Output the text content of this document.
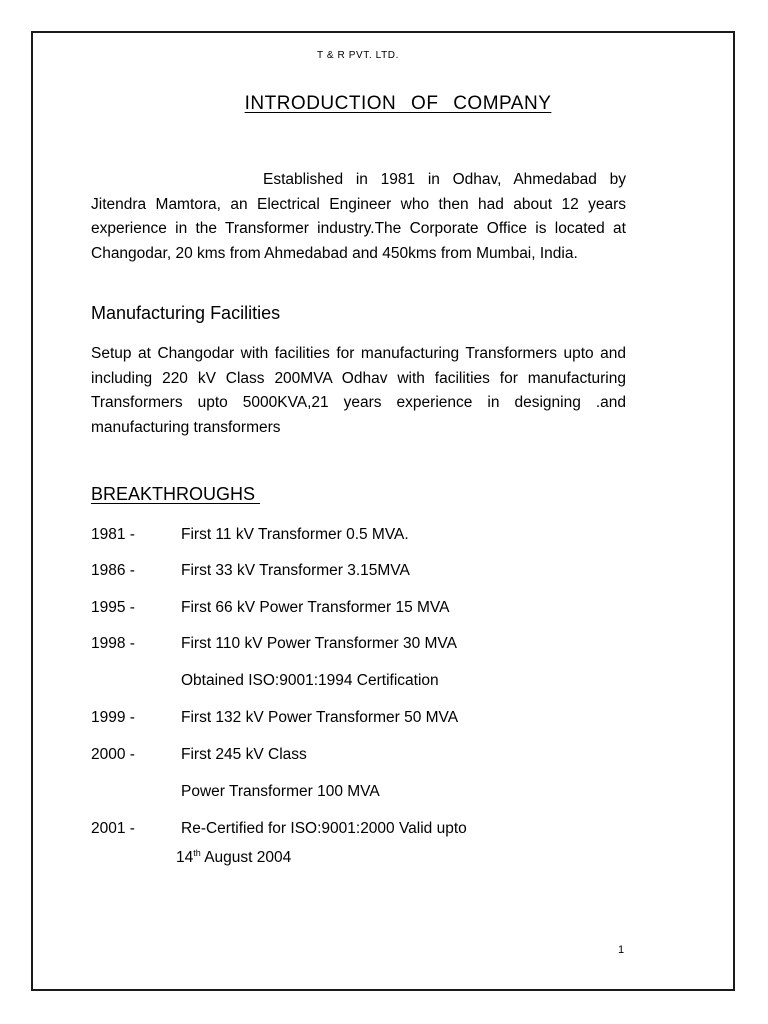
T & R PVT. LTD.
INTRODUCTION OF COMPANY
Established in 1981 in Odhav, Ahmedabad by Jitendra Mamtora, an Electrical Engineer who then had about 12 years experience in the Transformer industry.The Corporate Office is located at Changodar, 20 kms from Ahmedabad and 450kms from Mumbai, India.
Manufacturing Facilities
Setup at Changodar with facilities for manufacturing Transformers upto and including 220 kV Class 200MVA Odhav with facilities for manufacturing Transformers upto 5000KVA,21 years experience in designing .and manufacturing transformers
BREAKTHROUGHS
1981 -	First 11 kV Transformer 0.5 MVA.
1986 -	First 33 kV Transformer 3.15MVA
1995 -	First 66 kV Power Transformer 15 MVA
1998 -	First 110 kV Power Transformer 30 MVA
Obtained ISO:9001:1994 Certification
1999 -	First 132 kV Power Transformer 50 MVA
2000 -	First 245 kV Class
Power Transformer 100 MVA
2001 -	Re-Certified for ISO:9001:2000 Valid upto
14th August 2004
1
